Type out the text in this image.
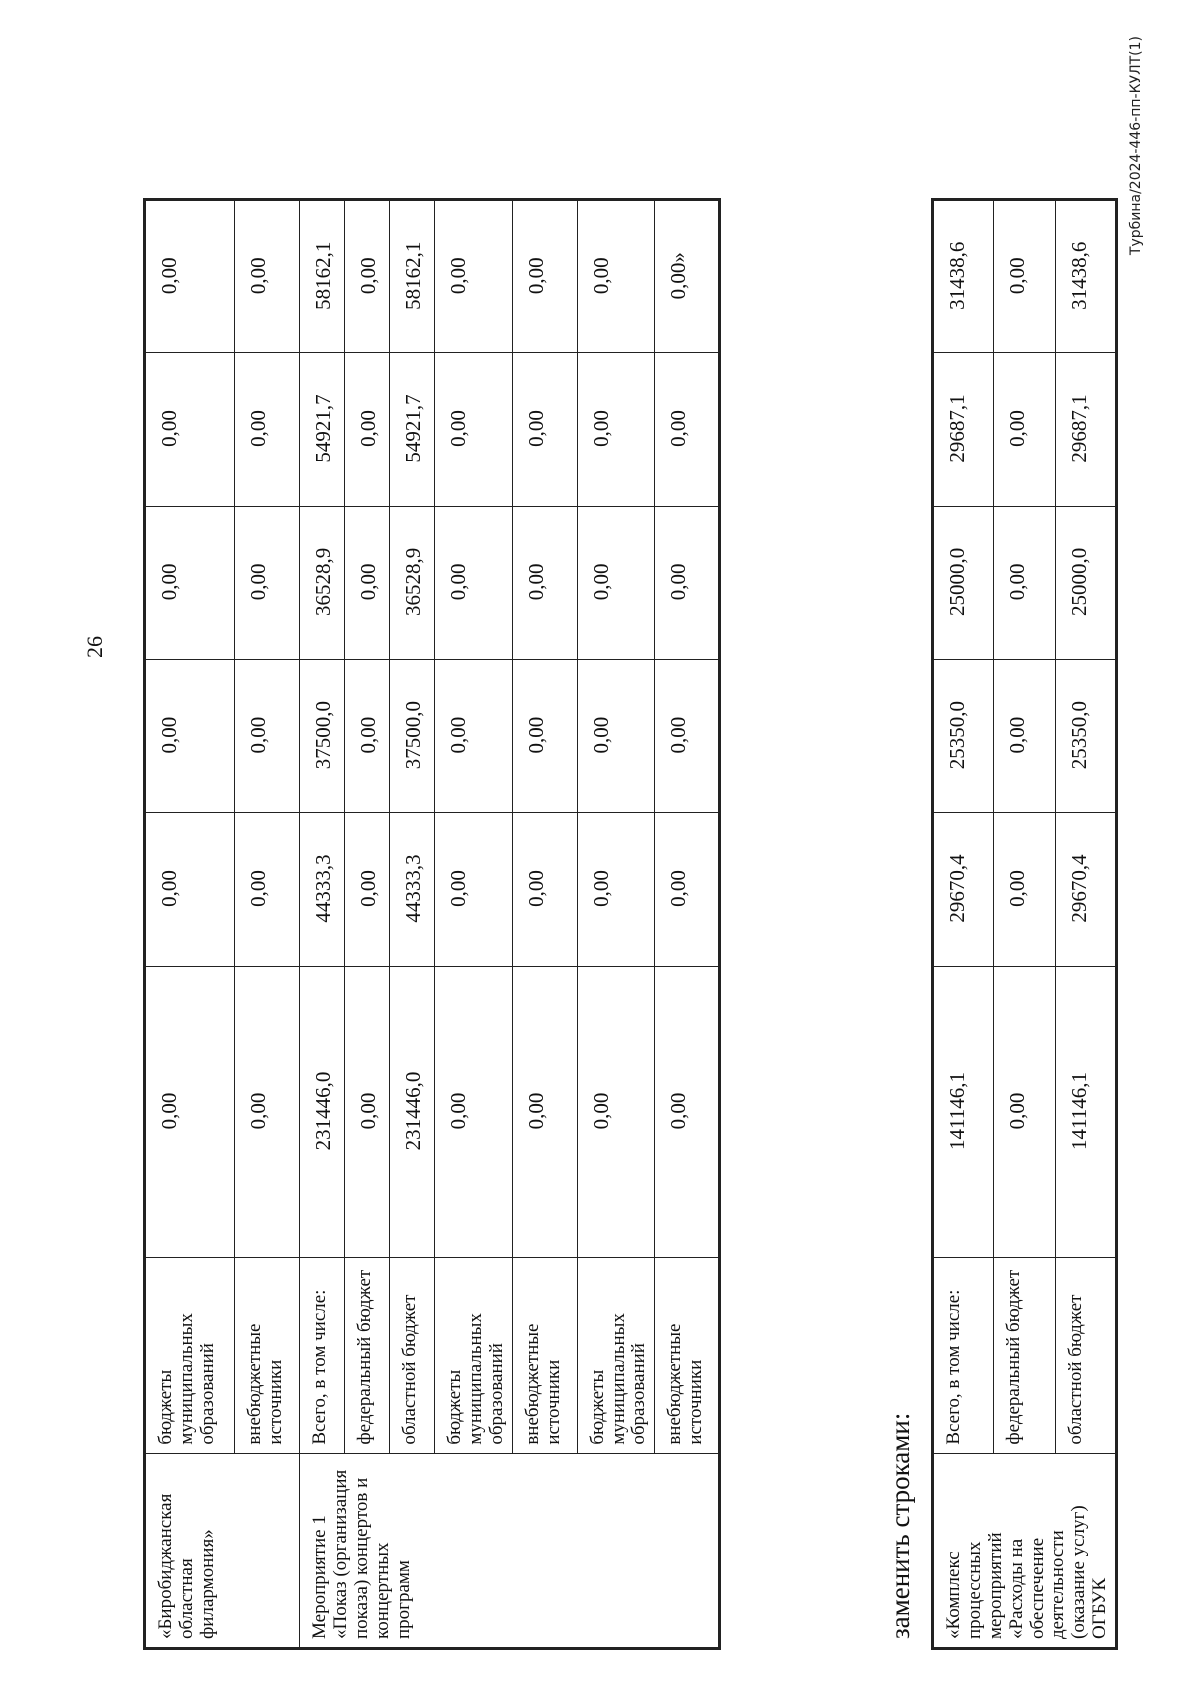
26
«Биробиджанская областная филармония»	бюджеты муниципальных образований	0,00	0,00	0,00	0,00	0,00	0,00
	внебюджетные источники	0,00	0,00	0,00	0,00	0,00	0,00
Мероприятие 1 «Показ (организация показа) концертов и концертных программ	Всего, в том числе:	231446,0	44333,3	37500,0	36528,9	54921,7	58162,1
	федеральный бюджет	0,00	0,00	0,00	0,00	0,00	0,00
	областной бюджет	231446,0	44333,3	37500,0	36528,9	54921,7	58162,1
	бюджеты муниципальных образований	0,00	0,00	0,00	0,00	0,00	0,00
	внебюджетные источники	0,00	0,00	0,00	0,00	0,00	0,00
	бюджеты муниципальных образований	0,00	0,00	0,00	0,00	0,00	0,00
	внебюджетные источники	0,00	0,00	0,00	0,00	0,00	0,00»
заменить строками: «Комплекс процессных мероприятий «Расходы на обеспечение деятельности (оказание услуг) ОГБУК	Всего, в том числе:	141146,1	29670,4	25350,0	25000,0	29687,1	31438,6
	федеральный бюджет	0,00	0,00	0,00	0,00	0,00	0,00
	областной бюджет	141146,1	29670,4	25350,0	25000,0	29687,1	31438,6
Турбина/2024-446-пп-КУЛТ(1)
